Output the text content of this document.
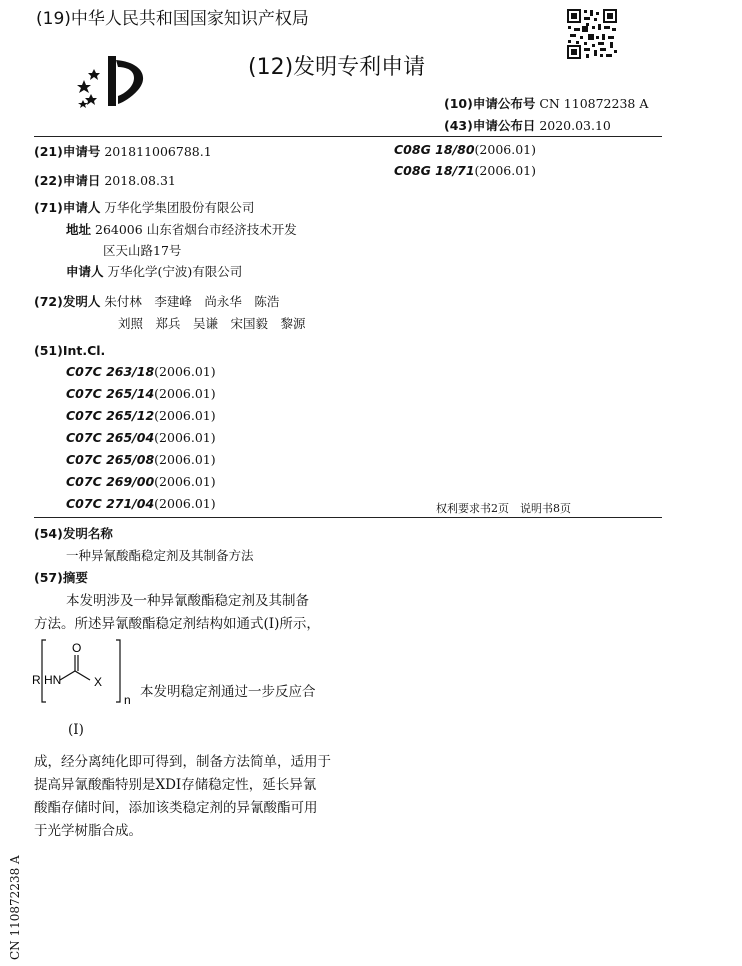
(19)中华人民共和国国家知识产权局
(12)发明专利申请
(10)申请公布号 CN 110872238 A
(43)申请公布日 2020.03.10
(21)申请号 201811006788.1
(22)申请日 2018.08.31
(71)申请人 万华化学集团股份有限公司
地址 264006 山东省烟台市经济技术开发
区天山路17号
申请人 万华化学(宁波)有限公司
(72)发明人 朱付林　李建峰　尚永华　陈浩
刘照　郑兵　吴谦　宋国毅　黎源
(51)Int.Cl.
C07C 263/18(2006.01)
C07C 265/14(2006.01)
C07C 265/12(2006.01)
C07C 265/04(2006.01)
C07C 265/08(2006.01)
C07C 269/00(2006.01)
C07C 271/04(2006.01)
C08G 18/80(2006.01)
C08G 18/71(2006.01)
权利要求书2页　说明书8页
(54)发明名称
一种异氰酸酯稳定剂及其制备方法
(57)摘要
本发明涉及一种异氰酸酯稳定剂及其制备
方法。所述异氰酸酯稳定剂结构如通式(I)所示，
R HN
O
X
n 本发明稳定剂通过一步反应合
(Ⅰ)
成，经分离纯化即可得到，制备方法简单，适用于
提高异氰酸酯特别是XDI存储稳定性，延长异氰
酸酯存储时间，添加该类稳定剂的异氰酸酯可用
于光学树脂合成。
CN 110872238 A
